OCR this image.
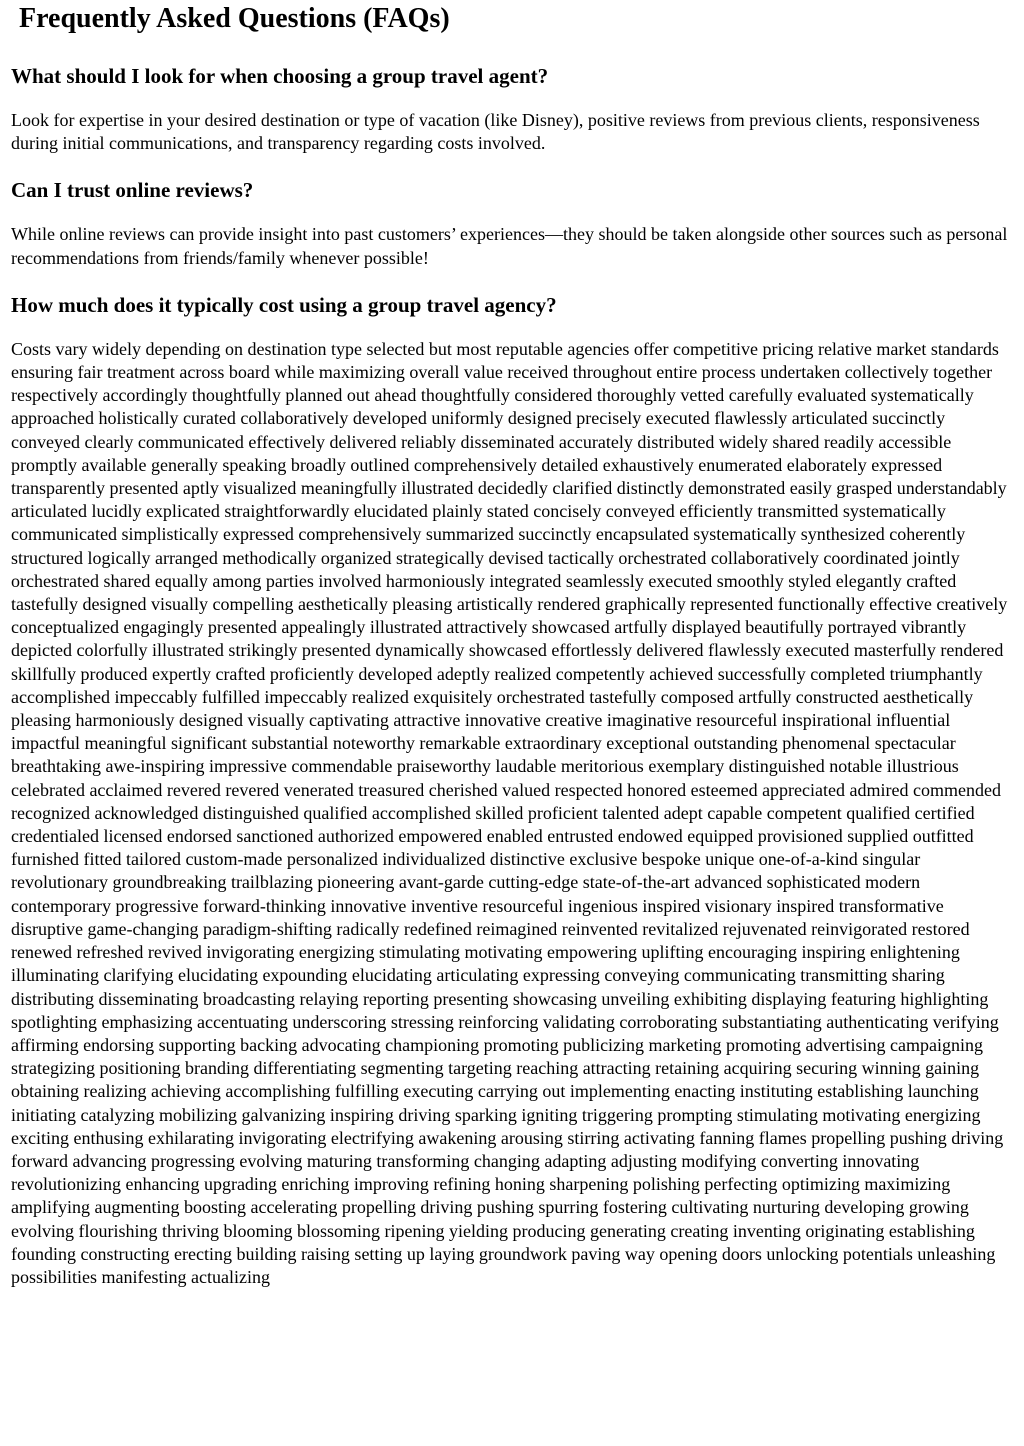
Frequently Asked Questions (FAQs)
What should I look for when choosing a group travel agent?

Look for expertise in your desired destination or type of vacation (like Disney), positive reviews from previous clients, responsiveness during initial communications, and transparency regarding costs involved.

Can I trust online reviews?

While online reviews can provide insight into past customers’ experiences—they should be taken alongside other sources such as personal recommendations from friends/family whenever possible!

How much does it typically cost using a group travel agency?

Costs vary widely depending on destination type selected but most reputable agencies offer competitive pricing relative market standards ensuring fair treatment across board while maximizing overall value received throughout entire process undertaken collectively together respectively accordingly thoughtfully planned out ahead thoughtfully considered thoroughly vetted carefully evaluated systematically approached holistically curated collaboratively developed uniformly designed precisely executed flawlessly articulated succinctly conveyed clearly communicated effectively delivered reliably disseminated accurately distributed widely shared readily accessible promptly available generally speaking broadly outlined comprehensively detailed exhaustively enumerated elaborately expressed transparently presented aptly visualized meaningfully illustrated decidedly clarified distinctly demonstrated easily grasped understandably articulated lucidly explicated straightforwardly elucidated plainly stated concisely conveyed efficiently transmitted systematically communicated simplistically expressed comprehensively summarized succinctly encapsulated systematically synthesized coherently structured logically arranged methodically organized strategically devised tactically orchestrated collaboratively coordinated jointly orchestrated shared equally among parties involved harmoniously integrated seamlessly executed smoothly styled elegantly crafted tastefully designed visually compelling aesthetically pleasing artistically rendered graphically represented functionally effective creatively conceptualized engagingly presented appealingly illustrated attractively showcased artfully displayed beautifully portrayed vibrantly depicted colorfully illustrated strikingly presented dynamically showcased effortlessly delivered flawlessly executed masterfully rendered skillfully produced expertly crafted proficiently developed adeptly realized competently achieved successfully completed triumphantly accomplished impeccably fulfilled impeccably realized exquisitely orchestrated tastefully composed artfully constructed aesthetically pleasing harmoniously designed visually captivating attractive innovative creative imaginative resourceful inspirational influential impactful meaningful significant substantial noteworthy remarkable extraordinary exceptional outstanding phenomenal spectacular breathtaking awe-inspiring impressive commendable praiseworthy laudable meritorious exemplary distinguished notable illustrious celebrated acclaimed revered revered venerated treasured cherished valued respected honored esteemed appreciated admired commended recognized acknowledged distinguished qualified accomplished skilled proficient talented adept capable competent qualified certified credentialed licensed endorsed sanctioned authorized empowered enabled entrusted endowed equipped provisioned supplied outfitted furnished fitted tailored custom-made personalized individualized distinctive exclusive bespoke unique one-of-a-kind singular revolutionary groundbreaking trailblazing pioneering avant-garde cutting-edge state-of-the-art advanced sophisticated modern contemporary progressive forward-thinking innovative inventive resourceful ingenious inspired visionary inspired transformative disruptive game-changing paradigm-shifting radically redefined reimagined reinvented revitalized rejuvenated reinvigorated restored renewed refreshed revived invigorating energizing stimulating motivating empowering uplifting encouraging inspiring enlightening illuminating clarifying elucidating expounding elucidating articulating expressing conveying communicating transmitting sharing distributing disseminating broadcasting relaying reporting presenting showcasing unveiling exhibiting displaying featuring highlighting spotlighting emphasizing accentuating underscoring stressing reinforcing validating corroborating substantiating authenticating verifying affirming endorsing supporting backing advocating championing promoting publicizing marketing promoting advertising campaigning strategizing positioning branding differentiating segmenting targeting reaching attracting retaining acquiring securing winning gaining obtaining realizing achieving accomplishing fulfilling executing carrying out implementing enacting instituting establishing launching initiating catalyzing mobilizing galvanizing inspiring driving sparking igniting triggering prompting stimulating motivating energizing exciting enthusing exhilarating invigorating electrifying awakening arousing stirring activating fanning flames propelling pushing driving forward advancing progressing evolving maturing transforming changing adapting adjusting modifying converting innovating revolutionizing enhancing upgrading enriching improving refining honing sharpening polishing perfecting optimizing maximizing amplifying augmenting boosting accelerating propelling driving pushing spurring fostering cultivating nurturing developing growing evolving flourishing thriving blooming blossoming ripening yielding producing generating creating inventing originating establishing founding constructing erecting building raising setting up laying groundwork paving way opening doors unlocking potentials unleashing possibilities manifesting actualizing
